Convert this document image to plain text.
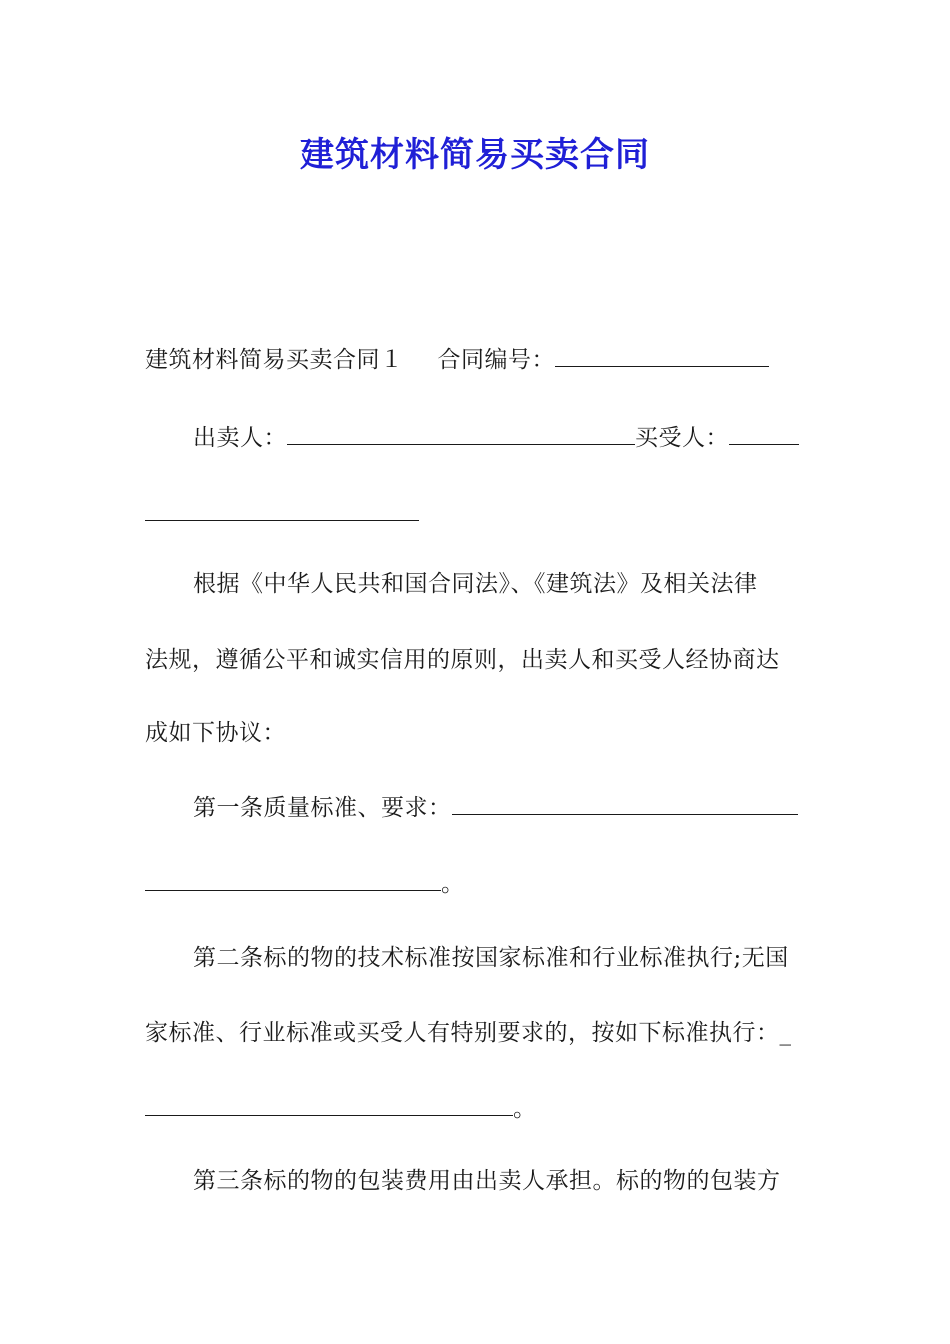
建筑材料简易买卖合同
建筑材料简易买卖合同１ 合同编号：
出卖人：	买受人：
根据《中华人民共和国合同法》、《建筑法》及相关法律
法规，遵循公平和诚实信用的原则，出卖人和买受人经协商达
成如下协议：
第一条质量标准、要求：
。
第二条标的物的技术标准按国家标准和行业标准执行;无国
家标准、行业标准或买受人有特别要求的，按如下标准执行：_
。
第三条标的物的包装费用由出卖人承担。标的物的包装方
